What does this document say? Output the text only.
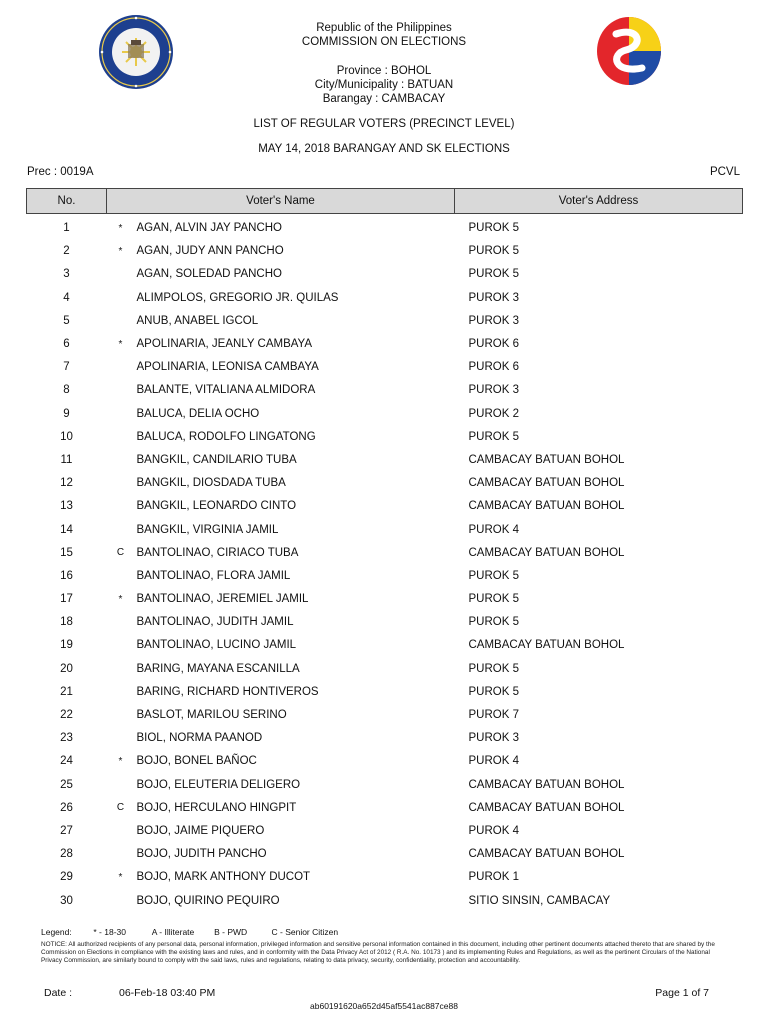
Republic of the Philippines
COMMISSION ON ELECTIONS
Province : BOHOL
City/Municipality : BATUAN
Barangay : CAMBACAY
LIST OF REGULAR VOTERS (PRECINCT LEVEL)
MAY 14, 2018 BARANGAY AND SK ELECTIONS
Prec : 0019A	PCVL
No.	Voter's Name		Voter's Address

1	*	AGAN, ALVIN JAY PANCHO	PUROK 5
2	*	AGAN, JUDY ANN PANCHO	PUROK 5
3		AGAN, SOLEDAD PANCHO	PUROK 5
4		ALIMPOLOS, GREGORIO JR. QUILAS	PUROK 3
5		ANUB, ANABEL IGCOL	PUROK 3
6	*	APOLINARIA, JEANLY CAMBAYA	PUROK 6
7		APOLINARIA, LEONISA CAMBAYA	PUROK 6
8		BALANTE, VITALIANA ALMIDORA	PUROK 3
9		BALUCA, DELIA OCHO	PUROK 2
10		BALUCA, RODOLFO LINGATONG	PUROK 5
11		BANGKIL, CANDILARIO TUBA	CAMBACAY BATUAN BOHOL
12		BANGKIL, DIOSDADA TUBA	CAMBACAY BATUAN BOHOL
13		BANGKIL, LEONARDO CINTO	CAMBACAY BATUAN BOHOL
14		BANGKIL, VIRGINIA JAMIL	PUROK 4
15	C	BANTOLINAO, CIRIACO TUBA	CAMBACAY BATUAN BOHOL
16		BANTOLINAO, FLORA JAMIL	PUROK 5
17	*	BANTOLINAO, JEREMIEL JAMIL	PUROK 5
18		BANTOLINAO, JUDITH JAMIL	PUROK 5
19		BANTOLINAO, LUCINO JAMIL	CAMBACAY BATUAN BOHOL
20		BARING, MAYANA ESCANILLA	PUROK 5
21		BARING, RICHARD HONTIVEROS	PUROK 5
22		BASLOT, MARILOU SERINO	PUROK 7
23		BIOL, NORMA PAANOD	PUROK 3
24	*	BOJO, BONEL BAÑOC	PUROK 4
25		BOJO, ELEUTERIA DELIGERO	CAMBACAY BATUAN BOHOL
26	C	BOJO, HERCULANO HINGPIT	CAMBACAY BATUAN BOHOL
27		BOJO, JAIME PIQUERO	PUROK 4
28		BOJO, JUDITH PANCHO	CAMBACAY BATUAN BOHOL
29	*	BOJO, MARK ANTHONY DUCOT	PUROK 1
30		BOJO, QUIRINO PEQUIRO	SITIO SINSIN, CAMBACAY
Legend:	* - 18-30	A - Illiterate B - PWD	C - Senior Citizen
NOTICE: All authorized recipients of any personal data, personal information, privileged information and sensitive personal information contained in this document, including other pertinent documents attached thereto that are shared by the Commission on Elections in compliance with the existing laws and rules, and in conformity with the Data Privacy Act of 2012 ( R.A. No. 10173 ) and its implementing Rules and Regulations, as well as the pertinent Circulars of the National Privacy Commission, are similarly bound to comply with the said laws, rules and regulations, relating to data privacy, security, confidentiality, protection and accountability.
Date :	06-Feb-18 03:40 PM	Page 1 of 7
ab60191620a652d45af5541ac887ce88
